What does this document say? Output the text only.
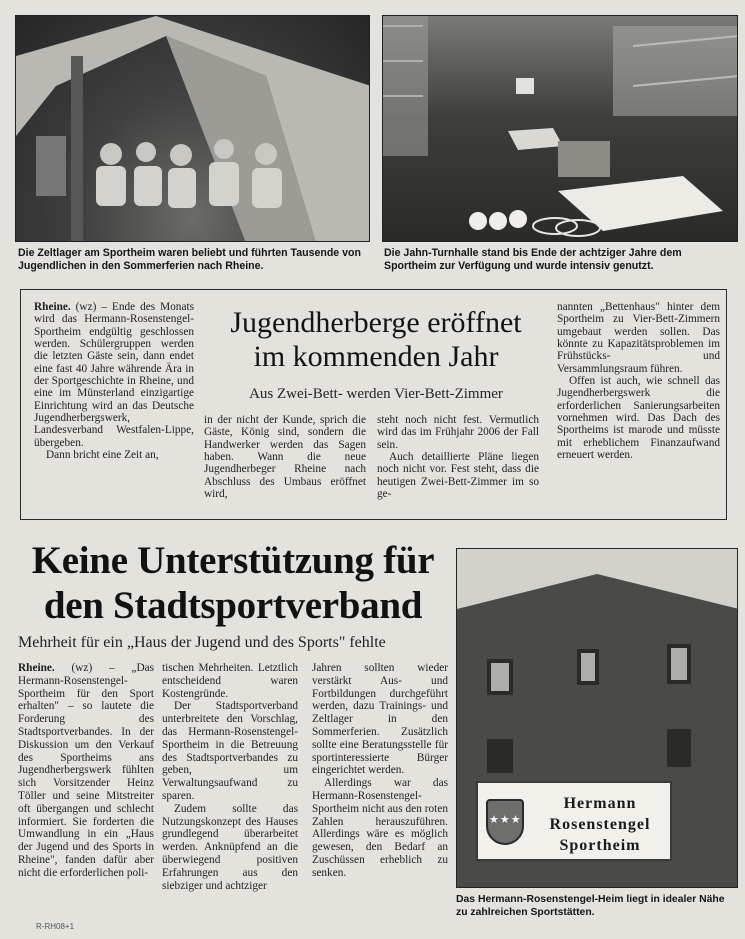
Die Zeltlager am Sportheim waren beliebt und führten Tausende von Jugendlichen in den Sommerferien nach Rheine.
Die Jahn-Turnhalle stand bis Ende der achtziger Jahre dem Sportheim zur Verfügung und wurde intensiv genutzt.

Rheine. (wz) – Ende des Monats wird das Hermann-Rosenstengel-Sportheim endgültig geschlossen werden. Schülergruppen werden die letzten Gäste sein, dann endet eine fast 40 Jahre währende Ära in der Sportgeschichte in Rheine, und eine im Münsterland einzigartige Einrichtung wird an das Deutsche Jugendherbergswerk, Landesverband Westfalen-Lippe, übergeben.

Dann bricht eine Zeit an,

Jugendherberge eröffnet
im kommenden Jahr
Aus Zwei-Bett- werden Vier-Bett-Zimmer

in der nicht der Kunde, sprich die Gäste, König sind, sondern die Handwerker werden das Sagen haben. Wann die neue Jugendherbeger Rheine nach Abschluss des Umbaus eröffnet wird,

steht noch nicht fest. Vermutlich wird das im Frühjahr 2006 der Fall sein.

Auch detaillierte Pläne liegen noch nicht vor. Fest steht, dass die heutigen Zwei-Bett-Zimmer im so ge-

nannten „Bettenhaus" hinter dem Sportheim zu Vier-Bett-Zimmern umgebaut werden sollen. Das könnte zu Kapazitätsproblemen im Frühstücks- und Versammlungsraum führen.

Offen ist auch, wie schnell das Jugendherbergswerk die erforderlichen Sanierungsarbeiten vornehmen wird. Das Dach des Sportheims ist marode und müsste mit erheblichem Finanzaufwand erneuert werden.

Keine Unterstützung für
den Stadtsportverband
Mehrheit für ein „Haus der Jugend und des Sports" fehlte

Rheine. (wz) – „Das Hermann-Rosenstengel-Sportheim für den Sport erhalten" – so lautete die Forderung des Stadtsportverbandes. In der Diskussion um den Verkauf des Sportheims ans Jugendherbergswerk fühlten sich Vorsitzender Heinz Töller und seine Mitstreiter oft übergangen und schlecht informiert. Sie forderten die Umwandlung in ein „Haus der Jugend und des Sports in Rheine", fanden dafür aber nicht die erforderlichen poli-

tischen Mehrheiten. Letztlich entscheidend waren Kostengründe.

Der Stadtsportverband unterbreitete den Vorschlag, das Hermann-Rosenstengel-Sportheim in die Betreuung des Stadtsportverbandes zu geben, um Verwaltungsaufwand zu sparen.

Zudem sollte das Nutzungskonzept des Hauses grundlegend überarbeitet werden. Anknüpfend an die überwiegend positiven Erfahrungen aus den siebziger und achtziger

Jahren sollten wieder verstärkt Aus- und Fortbildungen durchgeführt werden, dazu Trainings- und Zeltlager in den Sommerferien. Zusätzlich sollte eine Beratungsstelle für sportinteressierte Bürger eingerichtet werden.

Allerdings war das Hermann-Rosenstengel-Sportheim nicht aus den roten Zahlen herauszuführen. Allerdings wäre es möglich gewesen, den Bedarf an Zuschüssen erheblich zu senken.

★★★
Hermann
Rosenstengel
Sportheim
Das Hermann-Rosenstengel-Heim liegt in idealer Nähe zu zahlreichen Sportstätten.
R-RH08+1
